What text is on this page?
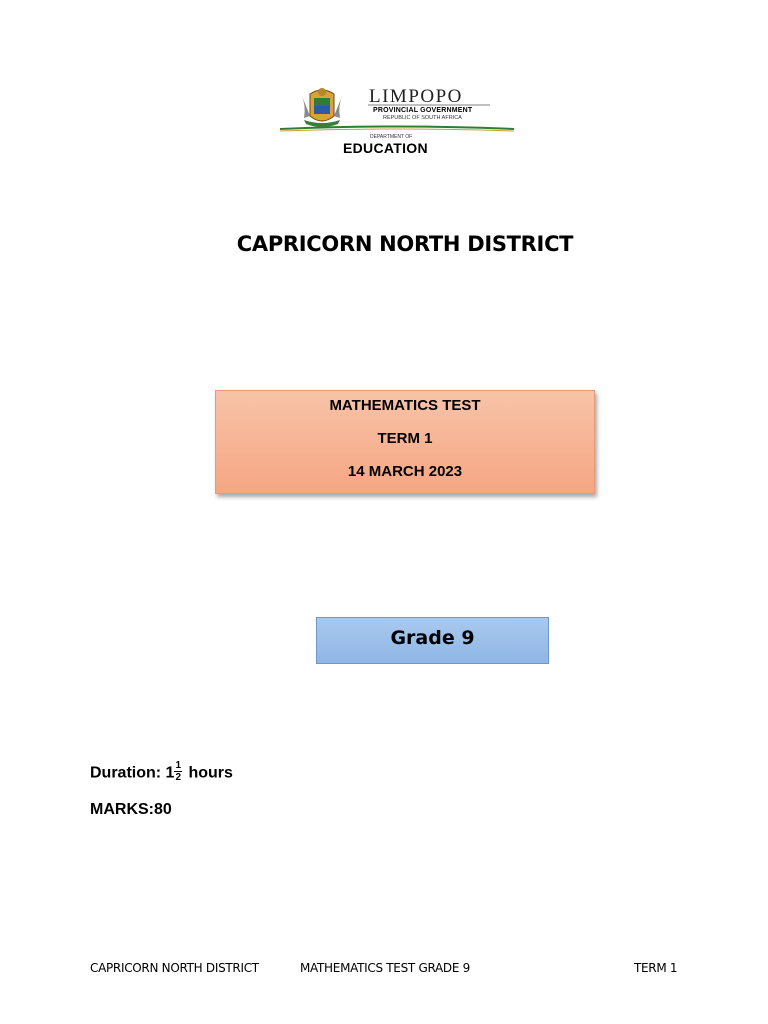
LIMPOPO
PROVINCIAL GOVERNMENT
REPUBLIC OF SOUTH AFRICA
DEPARTMENT OF
EDUCATION
CAPRICORN NORTH DISTRICT
MATHEMATICS TEST
TERM 1
14 MARCH 2023
Grade 9
Duration: $1 \frac{1}{2}$ hours
MARKS:80
CAPRICORN NORTH DISTRICT	MATHEMATICS TEST GRADE 9	TERM 1
